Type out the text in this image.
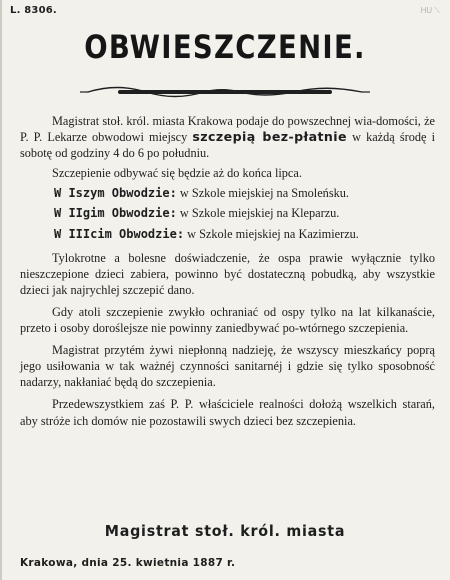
L. 8306.	HU ⟍
OBWIESZCZENIE.

Magistrat stoł. król. miasta Krakowa podaje do powszechnej wia-domości, że P. P. Lekarze obwodowi miejscy szczepią bez-płatnie w każdą środę i sobotę od godziny 4 do 6 po południu.

Szczepienie odbywać się będzie aż do końca lipca.

W Iszym Obwodzie: w Szkole miejskiej na Smoleńsku.
W IIgim Obwodzie: w Szkole miejskiej na Kleparzu.
W IIIcim Obwodzie: w Szkole miejskiej na Kazimierzu.

Tylokrotne a bolesne doświadczenie, że ospa prawie wyłącznie tylko nieszczepione dzieci zabiera, powinno być dostateczną pobudką, aby wszystkie dzieci jak najrychlej szczepić dano.

Gdy atoli szczepienie zwykło ochraniać od ospy tylko na lat kilkanaście, przeto i osoby doroślejsze nie powinny zaniedbywać po-wtórnego szczepienia.

Magistrat przytém żywi niepłonną nadzieję, że wszyscy mieszkańcy poprą jego usiłowania w tak ważnéj czynności sanitarnéj i gdzie się tylko sposobność nadarzy, nakłaniać będą do szczepienia.

Przedewszystkiem zaś P. P. właściciele realności dołożą wszelkich starań, aby stróże ich domów nie pozostawili swych dzieci bez szczepienia.

Magistrat stoł. król. miasta
Krakowa, dnia 25. kwietnia 1887 r.
